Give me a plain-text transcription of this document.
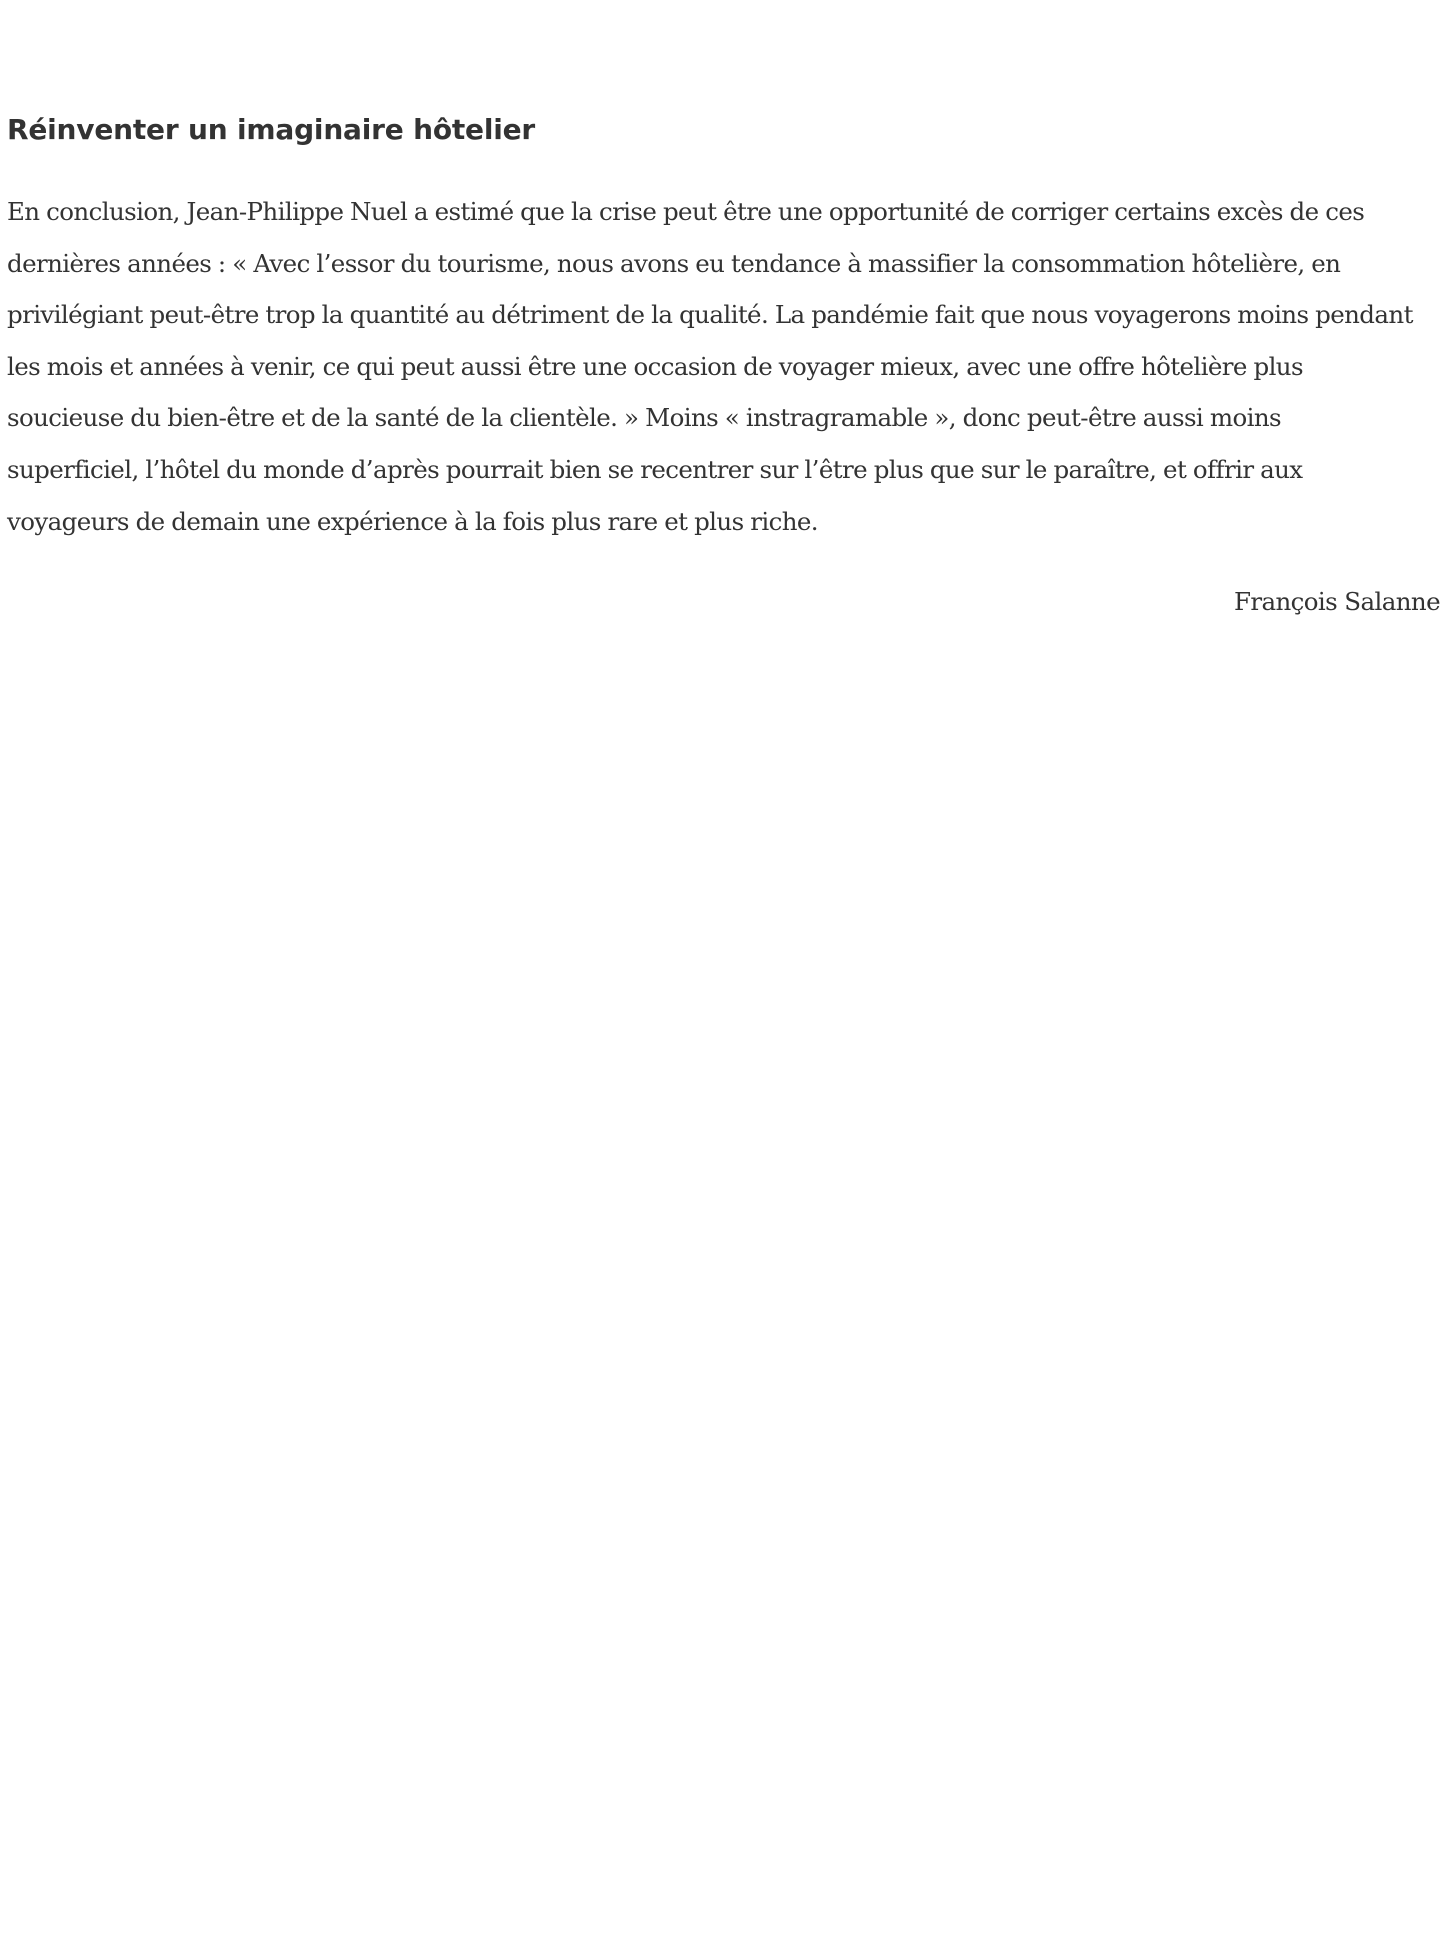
Réinventer un imaginaire hôtelier

En conclusion, Jean-Philippe Nuel a estimé que la crise peut être une opportunité de corriger certains excès de ces dernières années : « Avec l’essor du tourisme, nous avons eu tendance à massifier la consommation hôtelière, en privilégiant peut-être trop la quantité au détriment de la qualité. La pandémie fait que nous voyagerons moins pendant les mois et années à venir, ce qui peut aussi être une occasion de voyager mieux, avec une offre hôtelière plus soucieuse du bien-être et de la santé de la clientèle. » Moins « instragramable », donc peut-être aussi moins superficiel, l’hôtel du monde d’après pourrait bien se recentrer sur l’être plus que sur le paraître, et offrir aux voyageurs de demain une expérience à la fois plus rare et plus riche.

François Salanne
